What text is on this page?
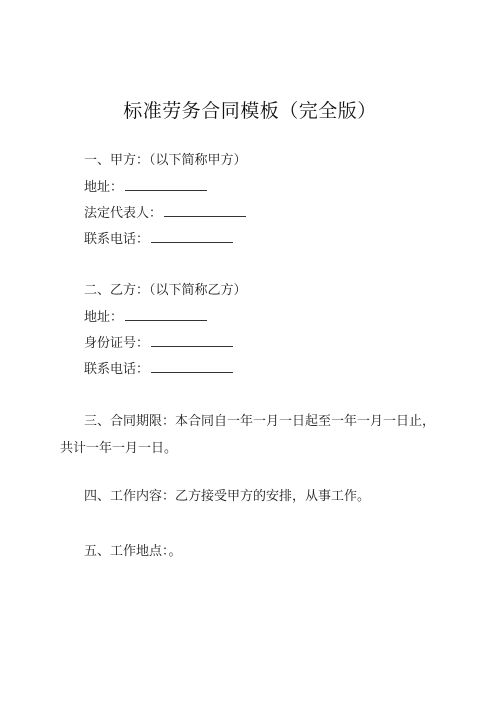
标准劳务合同模板（完全版）
一、甲方：（以下简称甲方）
地址：
法定代表人：
联系电话：
二、乙方：（以下简称乙方）
地址：
身份证号：
联系电话：
三、合同期限：本合同自一年一月一日起至一年一月一日止，共计一年一月一日。
四、工作内容：乙方接受甲方的安排，从事工作。
五、工作地点：。
